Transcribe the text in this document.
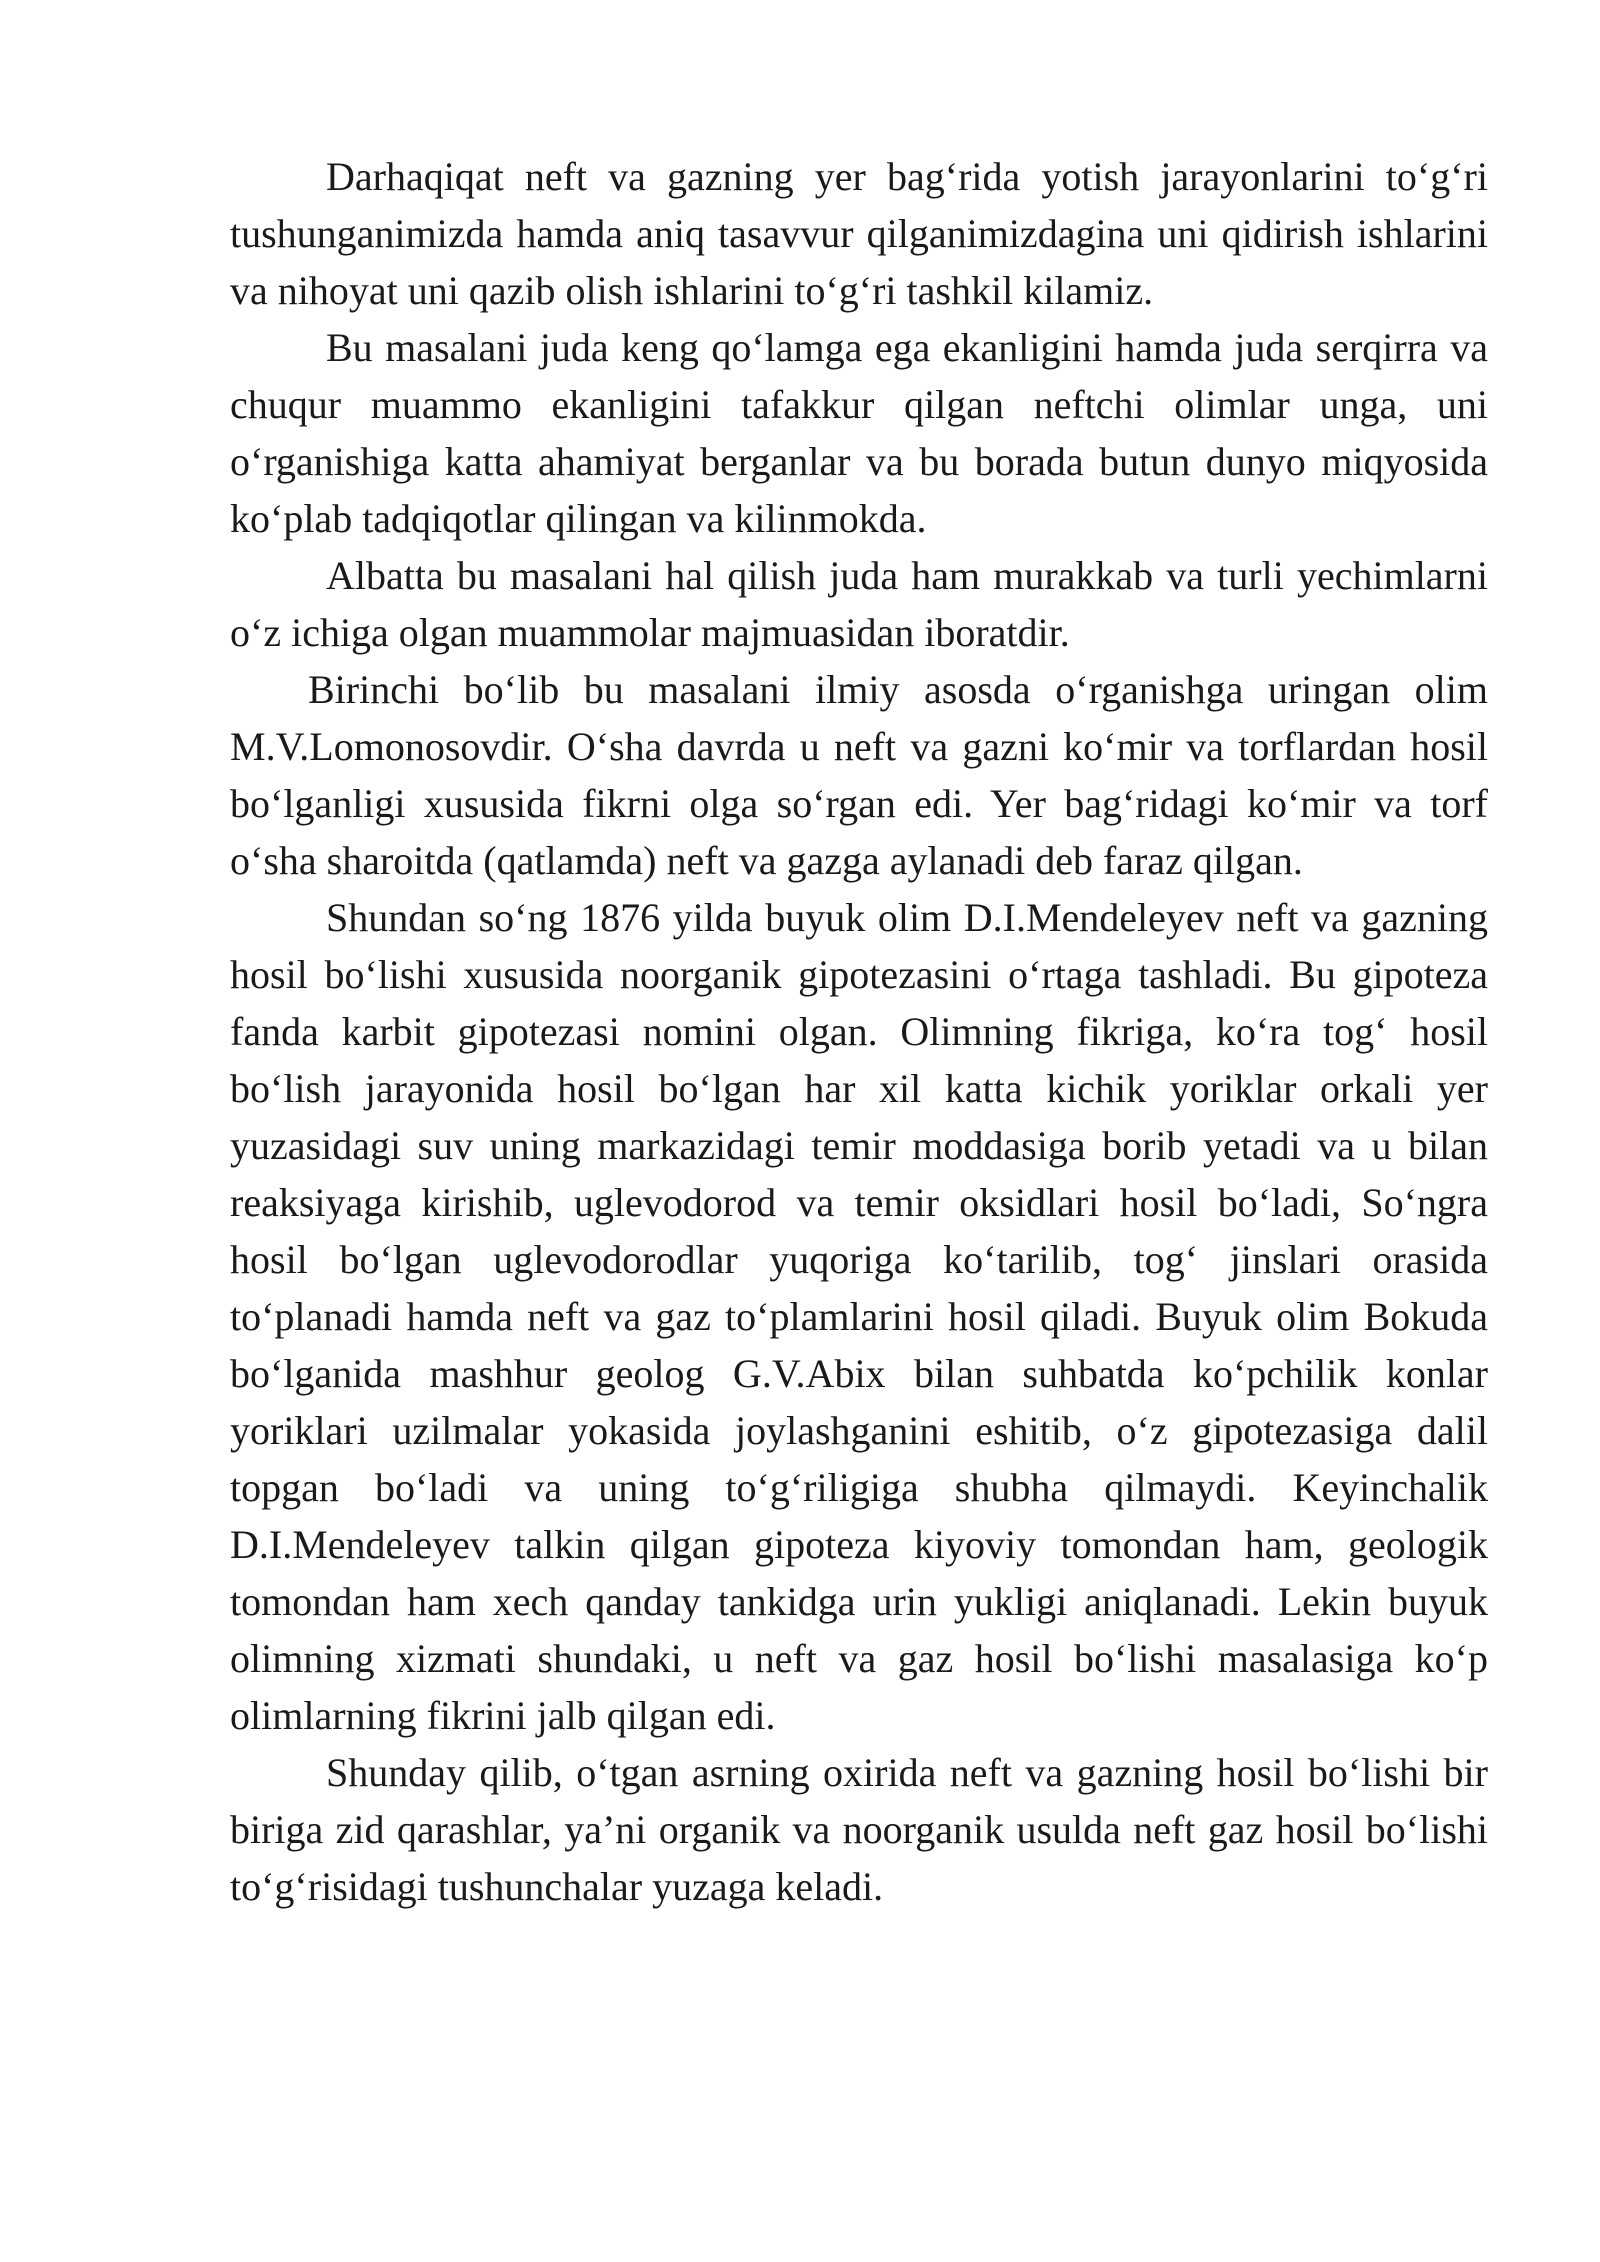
Darhaqiqat neft va gazning yer bag‘rida yotish jarayonlarini to‘g‘ri tushunganimizda hamda aniq tasavvur qilganimizdagina uni qidirish ishlarini va nihoyat uni qazib olish ishlarini to‘g‘ri tashkil kilamiz.

Bu masalani juda keng qo‘lamga ega ekanligini hamda juda serqirra va chuqur muammo ekanligini tafakkur qilgan neftchi olimlar unga, uni o‘rganishiga katta ahamiyat berganlar va bu borada butun dunyo miqyosida ko‘plab tadqiqotlar qilingan va kilinmokda.

Albatta bu masalani hal qilish juda ham murakkab va turli yechimlarni o‘z ichiga olgan muammolar majmuasidan iboratdir.

Birinchi bo‘lib bu masalani ilmiy asosda o‘rganishga uringan olim M.V.Lomonosovdir. O‘sha davrda u neft va gazni ko‘mir va torflardan hosil bo‘lganligi xususida fikrni olga so‘rgan edi. Yer bag‘ridagi ko‘mir va torf o‘sha sharoitda (qatlamda) neft va gazga aylanadi deb faraz qilgan.

Shundan so‘ng 1876 yilda buyuk olim D.I.Mendeleyev neft va gazning hosil bo‘lishi xususida noorganik gipotezasini o‘rtaga tashladi. Bu gipoteza fanda karbit gipotezasi nomini olgan. Olimning fikriga, ko‘ra tog‘ hosil bo‘lish jarayonida hosil bo‘lgan har xil katta kichik yoriklar orkali yer yuzasidagi suv uning markazidagi temir moddasiga borib yetadi va u bilan reaksiyaga kirishib, uglevodorod va temir oksidlari hosil bo‘ladi, So‘ngra hosil bo‘lgan uglevodorodlar yuqoriga ko‘tarilib, tog‘ jinslari orasida to‘planadi hamda neft va gaz to‘plamlarini hosil qiladi. Buyuk olim Bokuda bo‘lganida mashhur geolog G.V.Abix bilan suhbatda ko‘pchilik konlar yoriklari uzilmalar yokasida joylashganini eshitib, o‘z gipotezasiga dalil topgan bo‘ladi va uning to‘g‘riligiga shubha qilmaydi. Keyinchalik D.I.Mendeleyev talkin qilgan gipoteza kiyoviy tomondan ham, geologik tomondan ham xech qanday tankidga urin yukligi aniqlanadi. Lekin buyuk olimning xizmati shundaki, u neft va gaz hosil bo‘lishi masalasiga ko‘p olimlarning fikrini jalb qilgan edi.

Shunday qilib, o‘tgan asrning oxirida neft va gazning hosil bo‘lishi bir biriga zid qarashlar, ya’ni organik va noorganik usulda neft gaz hosil bo‘lishi to‘g‘risidagi tushunchalar yuzaga keladi.
